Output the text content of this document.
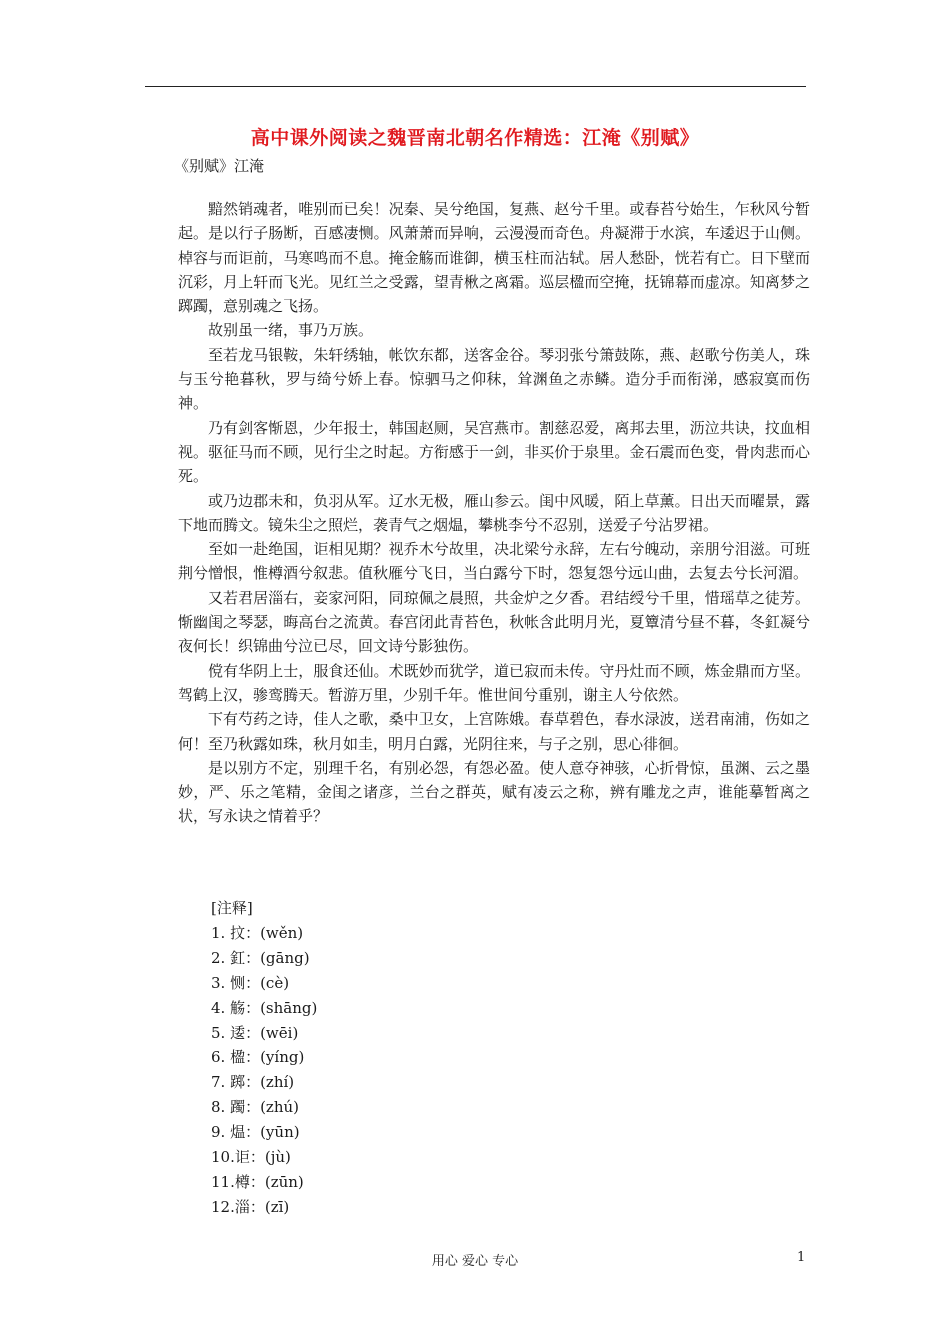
高中课外阅读之魏晋南北朝名作精选：江淹《别赋》
《别赋》江淹

黯然销魂者，唯别而已矣！况秦、吴兮绝国，复燕、赵兮千里。或春苔兮始生，乍秋风兮暂起。是以行子肠断，百感凄恻。风萧萧而异响，云漫漫而奇色。舟凝滞于水滨，车逶迟于山侧。棹容与而讵前，马寒鸣而不息。掩金觞而谁御，横玉柱而沾轼。居人愁卧，恍若有亡。日下壁而沉彩，月上轩而飞光。见红兰之受露，望青楸之离霜。巡层楹而空掩，抚锦幕而虚凉。知离梦之踯躅，意别魂之飞扬。

故别虽一绪，事乃万族。

至若龙马银鞍，朱轩绣轴，帐饮东都，送客金谷。琴羽张兮箫鼓陈，燕、赵歌兮伤美人，珠与玉兮艳暮秋，罗与绮兮娇上春。惊驷马之仰秣，耸渊鱼之赤鳞。造分手而衔涕，感寂寞而伤神。

乃有剑客惭恩，少年报士，韩国赵厕，吴宫燕市。割慈忍爱，离邦去里，沥泣共诀，抆血相视。驱征马而不顾，见行尘之时起。方衔感于一剑，非买价于泉里。金石震而色变，骨肉悲而心死。

或乃边郡未和，负羽从军。辽水无极，雁山参云。闺中风暖，陌上草薰。日出天而曜景，露下地而腾文。镜朱尘之照烂，袭青气之烟煴，攀桃李兮不忍别，送爱子兮沾罗裙。

至如一赴绝国，讵相见期？视乔木兮故里，决北梁兮永辞，左右兮魄动，亲朋兮泪滋。可班荆兮憎恨，惟樽酒兮叙悲。值秋雁兮飞日，当白露兮下时，怨复怨兮远山曲，去复去兮长河湄。

又若君居淄右，妾家河阳，同琼佩之晨照，共金炉之夕香。君结绶兮千里，惜瑶草之徒芳。惭幽闺之琴瑟，晦高台之流黄。春宫闭此青苔色，秋帐含此明月光，夏簟清兮昼不暮，冬釭凝兮夜何长！织锦曲兮泣已尽，回文诗兮影独伤。

傥有华阴上士，服食还仙。术既妙而犹学，道已寂而未传。守丹灶而不顾，炼金鼎而方坚。驾鹤上汉，骖鸾腾天。暂游万里，少别千年。惟世间兮重别，谢主人兮依然。

下有芍药之诗，佳人之歌，桑中卫女，上宫陈娥。春草碧色，春水渌波，送君南浦，伤如之何！至乃秋露如珠，秋月如圭，明月白露，光阴往来，与子之别，思心徘徊。

是以别方不定，别理千名，有别必怨，有怨必盈。使人意夺神骇，心折骨惊，虽渊、云之墨妙，严、乐之笔精，金闺之诸彦，兰台之群英，赋有凌云之称，辨有雕龙之声，谁能摹暂离之状，写永诀之情着乎？

[注释]
1. 抆：(wěn)
2. 釭：(gāng)
3. 恻：(cè)
4. 觞：(shāng)
5. 逶：(wēi)
6. 楹：(yíng)
7. 踯：(zhí)
8. 躅：(zhú)
9. 煴：(yūn)
10.讵：(jù)
11.樽：(zūn)
12.淄：(zī)
用心 爱心 专心	1
